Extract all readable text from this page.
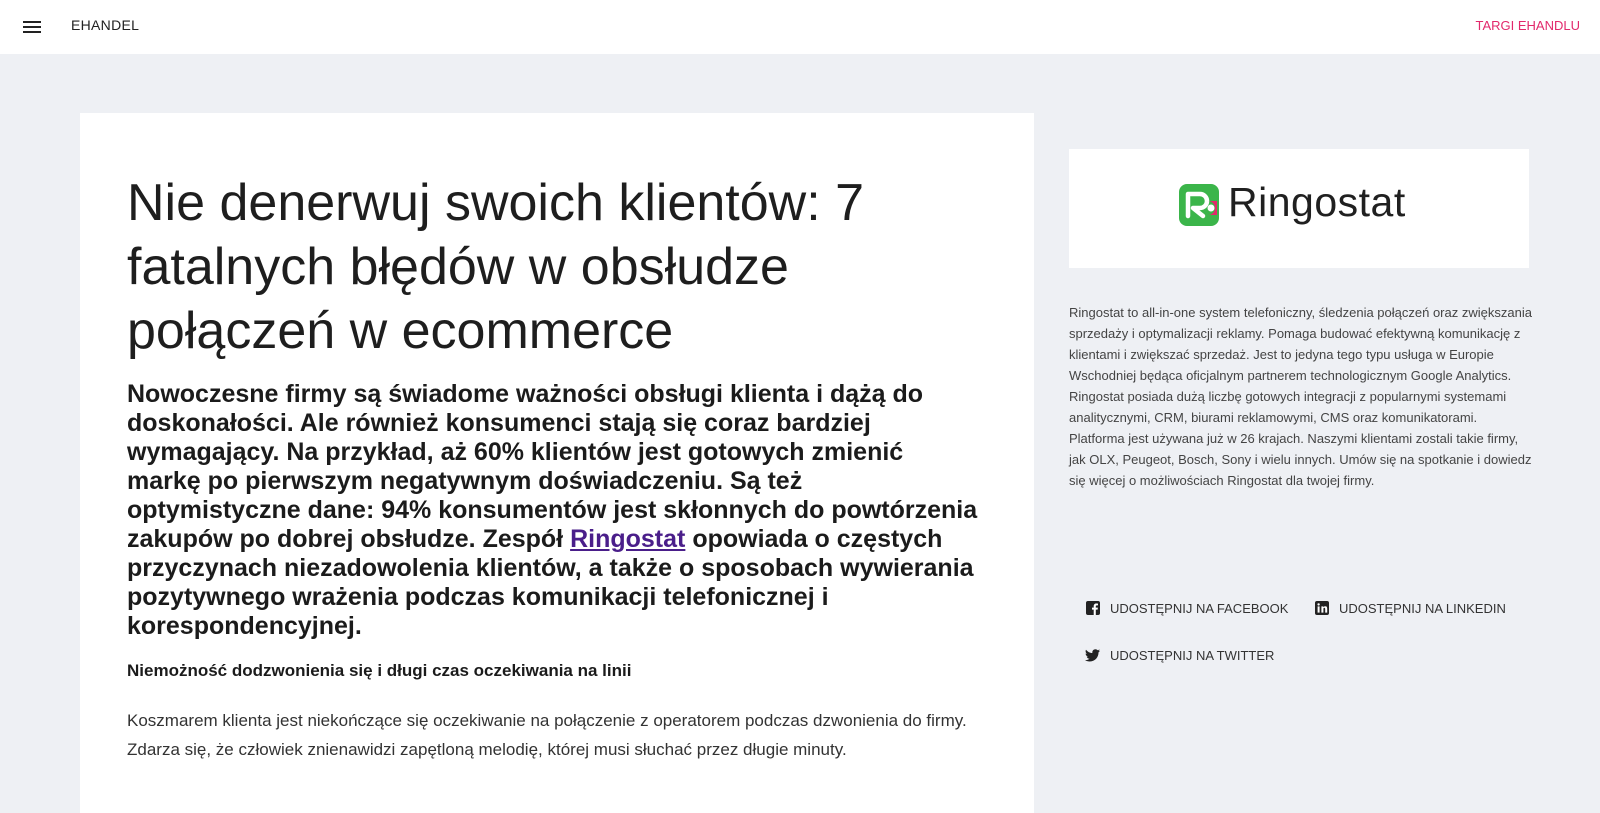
EHANDEL	TARGI EHANDLU
Nie denerwuj swoich klientów: 7 fatalnych błędów w obsłudze połączeń w ecommerce

Nowoczesne firmy są świadome ważności obsługi klienta i dążą do doskonałości. Ale również konsumenci stają się coraz bardziej wymagający. Na przykład, aż 60% klientów jest gotowych zmienić markę po pierwszym negatywnym doświadczeniu. Są też optymistyczne dane: 94% konsumentów jest skłonnych do powtórzenia zakupów po dobrej obsłudze. Zespół Ringostat opowiada o częstych przyczynach niezadowolenia klientów, a także o sposobach wywierania pozytywnego wrażenia podczas komunikacji telefonicznej i korespondencyjnej.

Niemożność dodzwonienia się i długi czas oczekiwania na linii

Koszmarem klienta jest niekończące się oczekiwanie na połączenie z operatorem podczas dzwonienia do firmy. Zdarza się, że człowiek znienawidzi zapętloną melodię, której musi słuchać przez długie minuty.

Ringostat

Ringostat to all-in-one system telefoniczny, śledzenia połączeń oraz zwiększania sprzedaży i optymalizacji reklamy. Pomaga budować efektywną komunikację z klientami i zwiększać sprzedaż. Jest to jedyna tego typu usługa w Europie Wschodniej będąca oficjalnym partnerem technologicznym Google Analytics. Ringostat posiada dużą liczbę gotowych integracji z popularnymi systemami analitycznymi, CRM, biurami reklamowymi, CMS oraz komunikatorami. Platforma jest używana już w 26 krajach. Naszymi klientami zostali takie firmy, jak OLX, Peugeot, Bosch, Sony i wielu innych. Umów się na spotkanie i dowiedz się więcej o możliwościach Ringostat dla twojej firmy.

UDOSTĘPNIJ NA FACEBOOK	UDOSTĘPNIJ NA LINKEDIN
UDOSTĘPNIJ NA TWITTER
